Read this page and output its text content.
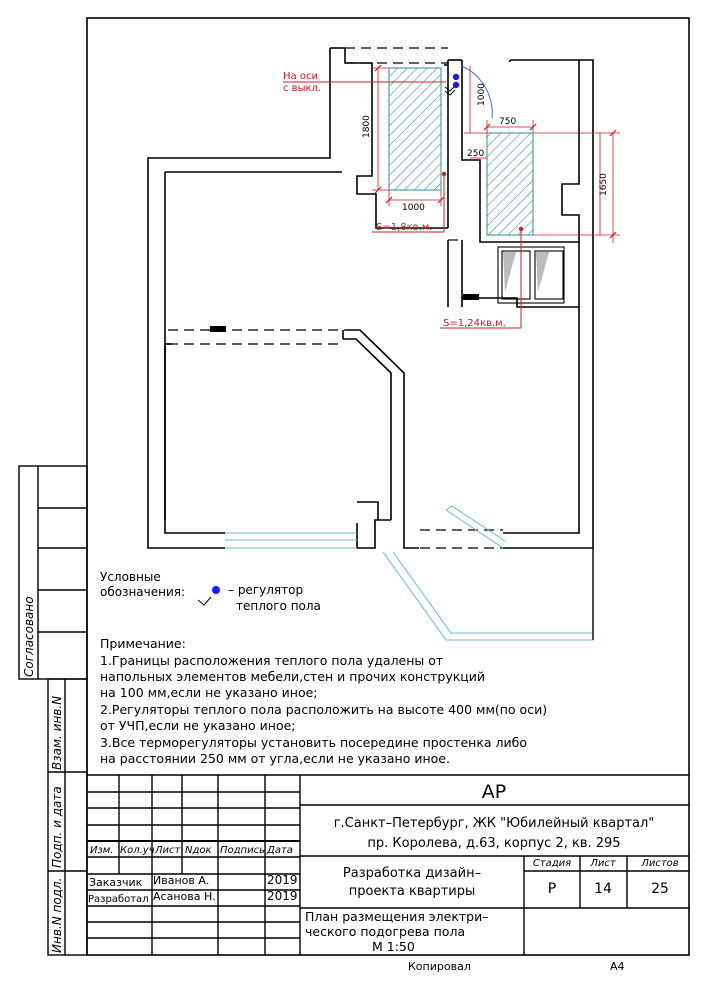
На оси
с выкл.
1800
1000
750
250
1650
1000
S=1,8кв.м.
S=1,24кв.м.
Условные
обозначения:	– регулятор
теплого пола
Примечание:
1.Границы расположения теплого пола удалены от
напольных элементов мебели,стен и прочих конструкций
на 100 мм,если не указано иное;
2.Регуляторы теплого пола расположить на высоте 400 мм(по оси)
от УЧП,если не указано иное;
3.Все терморегуляторы установить посередине простенка либо
на расстоянии 250 мм от угла,если не указано иное.
Согласовано
Взам. инв.N
Подп. и дата
Инв.N подл.
АР
г.Санкт–Петербург, ЖК "Юбилейный квартал"
пр. Королева, д.63, корпус 2, кв. 295
Разработка дизайн–
проекта квартиры
План размещения электри–
ческого подогрева пола
М 1:50
Изм. Кол.уч Лист Nдок Подпись Дата
Заказчик Иванов А.	2019
Разработал Асанова Н.	2019
Стадия Лист	Листов
Р	14	25
Копировал	А4
